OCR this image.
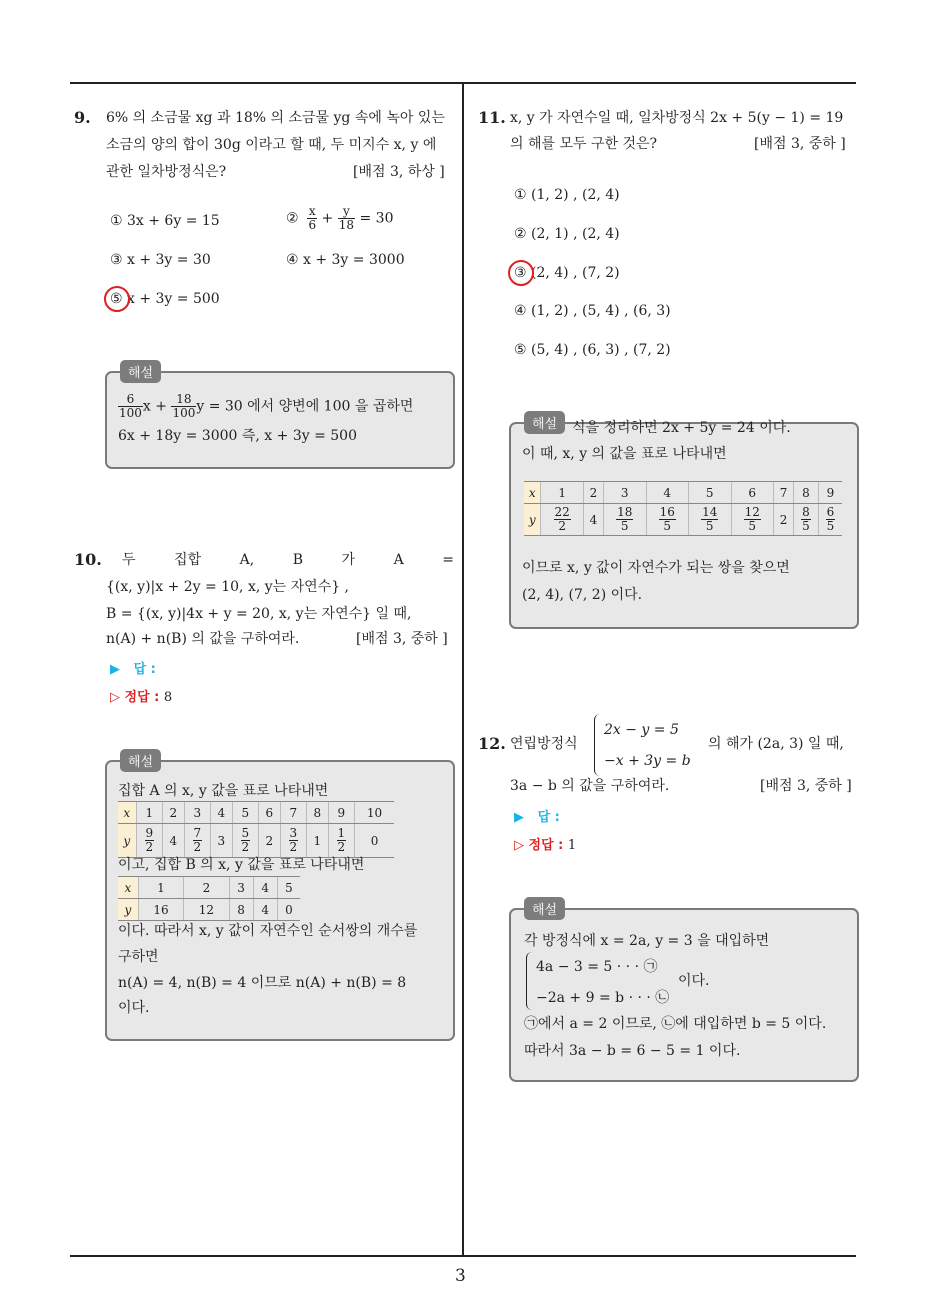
3
9. 6% 의 소금물 xg 과 18% 의 소금물 yg 속에 녹아 있는
소금의 양의 합이 30g 이라고 할 때, 두 미지수 x, y 에
관한 일차방정식은?	[배점 3, 하상 ]
① 3x + 6y = 15	② $\frac{x}{6} + \frac{y}{18} = 30$
③ x + 3y = 30	④ x + 3y = 3000
⑤ x + 3y = 500
해설
$\frac{6}{100}$ $x + \frac{18}{100}$ y = 30 에서 양변에 100 을 곱하면
6x + 18y = 3000 즉, x + 3y = 500
10. 두	집합	A,	B	가	A	=
{(x, y)|x + 2y = 10, x, y는 자연수} ,
B = {(x, y)|4x + y = 20, x, y는 자연수} 일 때,
n(A) + n(B) 의 값을 구하여라.	[배점 3, 중하 ]
▶ 답 :
▷ 정답 : 8
해설
집합 A 의 x, y 값을 표로 나타내면
x	1	2	3	4	5	6	7	8	9	10
y	$\frac{9}{2}$	4	$\frac{7}{2}$	3	$\frac{5}{2}$	2	$\frac{3}{2}$	1	$\frac{1}{2}$	0
이고, 집합 B 의 x, y 값을 표로 나타내면
x	1	2	3	4	5
y	16	12	8	4	0
이다. 따라서 x, y 값이 자연수인 순서쌍의 개수를
구하면
n(A) = 4, n(B) = 4 이므로 n(A) + n(B) = 8
이다.
11. x, y 가 자연수일 때, 일차방정식 2x + 5(y − 1) = 19
의 해를 모두 구한 것은?	[배점 3, 중하 ]
① (1, 2) , (2, 4)
② (2, 1) , (2, 4)
③ (2, 4) , (7, 2)
④ (1, 2) , (5, 4) , (6, 3)
⑤ (5, 4) , (6, 3) , (7, 2)
해설	식을 정리하면 2x + 5y = 24 이다.
이 때, x, y 의 값을 표로 나타내면
x	1	2	3	4	5	6	7	8	9
y	$\frac{22}{2}$	4	$\frac{18}{5}$	$\frac{16}{5}$	$\frac{14}{5}$	$\frac{12}{5}$	2	$\frac{8}{5}$	$\frac{6}{5}$
이므로 x, y 값이 자연수가 되는 쌍을 찾으면
(2, 4), (7, 2) 이다.
12. 연립방정식
2x − y = 5
−x + 3y = b
의 해가 (2a, 3) 일 때,
3a − b 의 값을 구하여라.	[배점 3, 중하 ]
▶ 답 :
▷ 정답 : 1
해설
각 방정식에 x = 2a, y = 3 을 대입하면
4a − 3 = 5 · · · ㉠
−2a + 9 = b · · · ㉡
이다.
㉠에서 a = 2 이므로, ㉡에 대입하면 b = 5 이다.
따라서 3a − b = 6 − 5 = 1 이다.
